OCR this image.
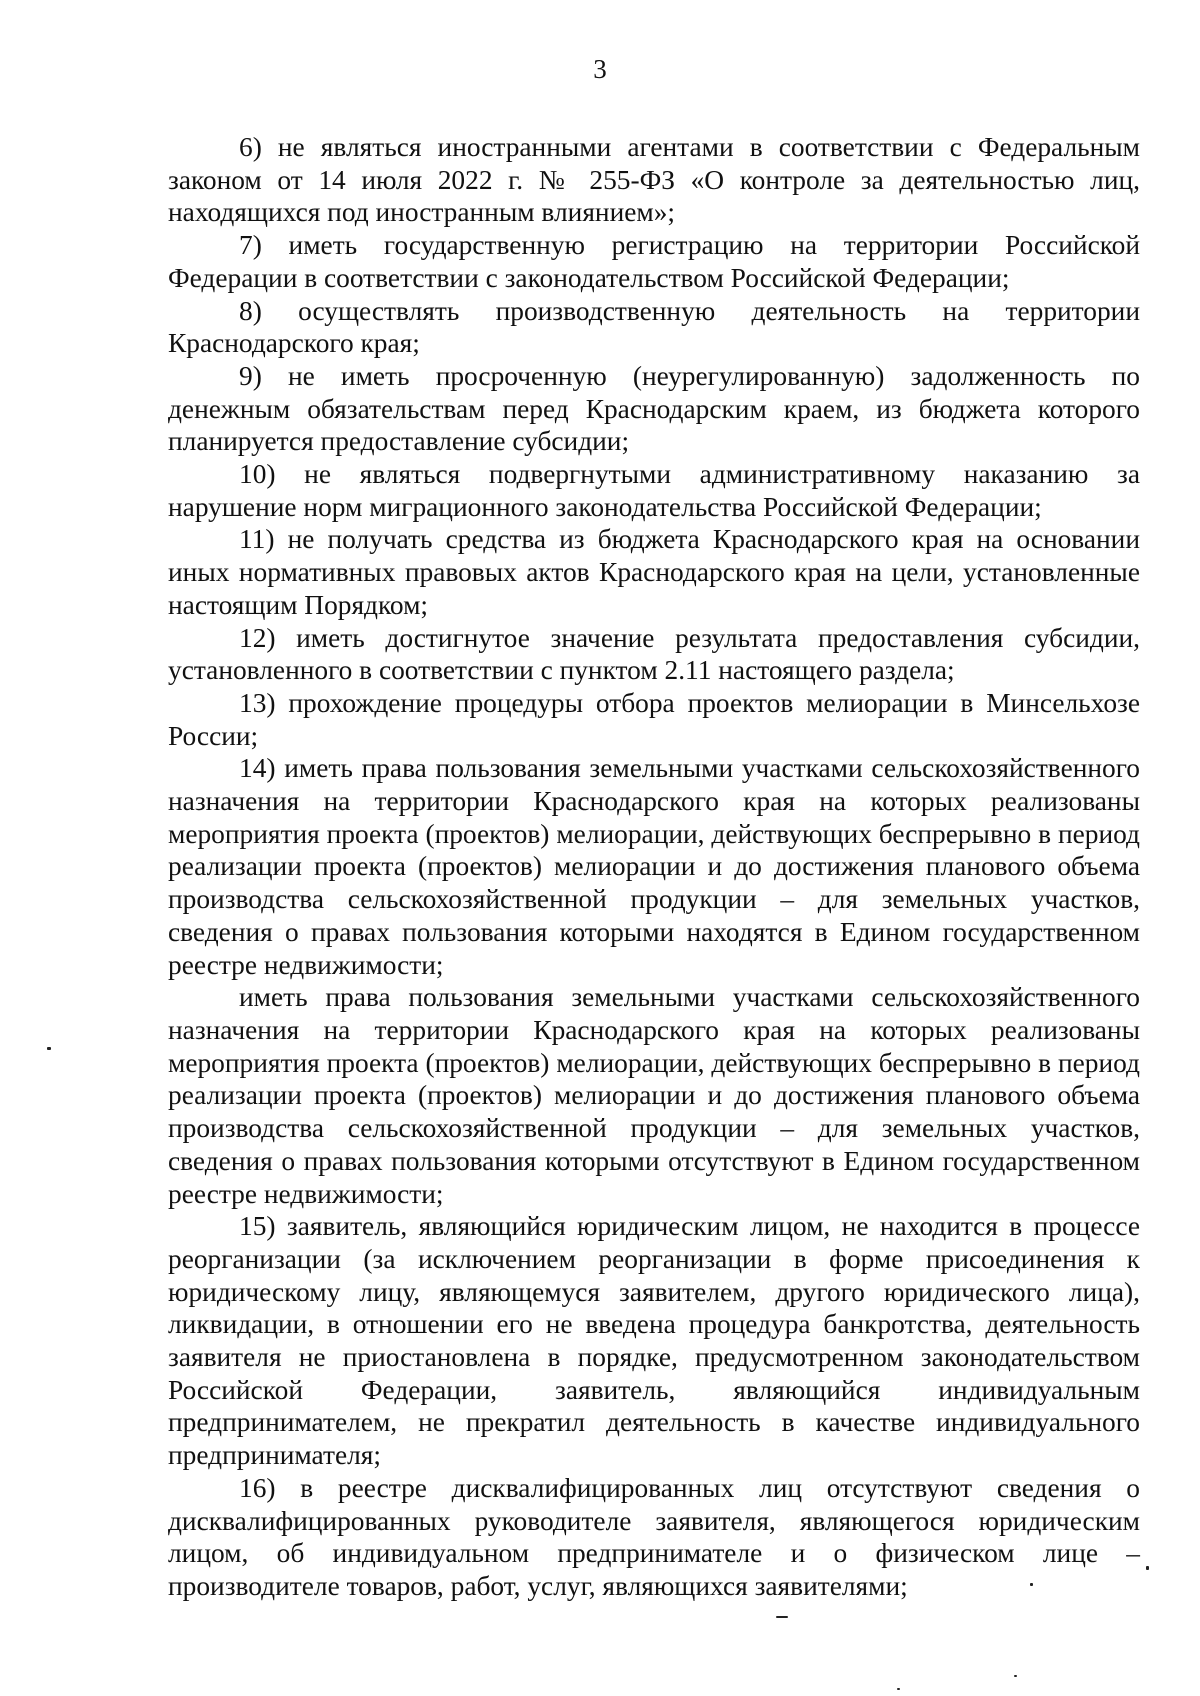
3

6) не являться иностранными агентами в соответствии с Федеральным законом от 14 июля 2022 г. № 255-ФЗ «О контроле за деятельностью лиц, находящихся под иностранным влиянием»;

7) иметь государственную регистрацию на территории Российской Федерации в соответствии с законодательством Российской Федерации;

8) осуществлять производственную деятельность на территории Краснодарского края;

9) не иметь просроченную (неурегулированную) задолженность по денежным обязательствам перед Краснодарским краем, из бюджета которого планируется предоставление субсидии;

10) не являться подвергнутыми административному наказанию за нарушение норм миграционного законодательства Российской Федерации;

11) не получать средства из бюджета Краснодарского края на основании иных нормативных правовых актов Краснодарского края на цели, установленные настоящим Порядком;

12) иметь достигнутое значение результата предоставления субсидии, установленного в соответствии с пунктом 2.11 настоящего раздела;

13) прохождение процедуры отбора проектов мелиорации в Минсельхозе России;

14) иметь права пользования земельными участками сельскохозяйственного назначения на территории Краснодарского края на которых реализованы мероприятия проекта (проектов) мелиорации, действующих беспрерывно в период реализации проекта (проектов) мелиорации и до достижения планового объема производства сельскохозяйственной продукции – для земельных участков, сведения о правах пользования которыми находятся в Едином государственном реестре недвижимости;

иметь права пользования земельными участками сельскохозяйственного назначения на территории Краснодарского края на которых реализованы мероприятия проекта (проектов) мелиорации, действующих беспрерывно в период реализации проекта (проектов) мелиорации и до достижения планового объема производства сельскохозяйственной продукции – для земельных участков, сведения о правах пользования которыми отсутствуют в Едином государственном реестре недвижимости;

15) заявитель, являющийся юридическим лицом, не находится в процессе реорганизации (за исключением реорганизации в форме присоединения к юридическому лицу, являющемуся заявителем, другого юридического лица), ликвидации, в отношении его не введена процедура банкротства, деятельность заявителя не приостановлена в порядке, предусмотренном законодательством Российской Федерации, заявитель, являющийся индивидуальным предпринимателем, не прекратил деятельность в качестве индивидуального предпринимателя;

16) в реестре дисквалифицированных лиц отсутствуют сведения о дисквалифицированных руководителе заявителя, являющегося юридическим лицом, об индивидуальном предпринимателе и о физическом лице – производителе товаров, работ, услуг, являющихся заявителями;
